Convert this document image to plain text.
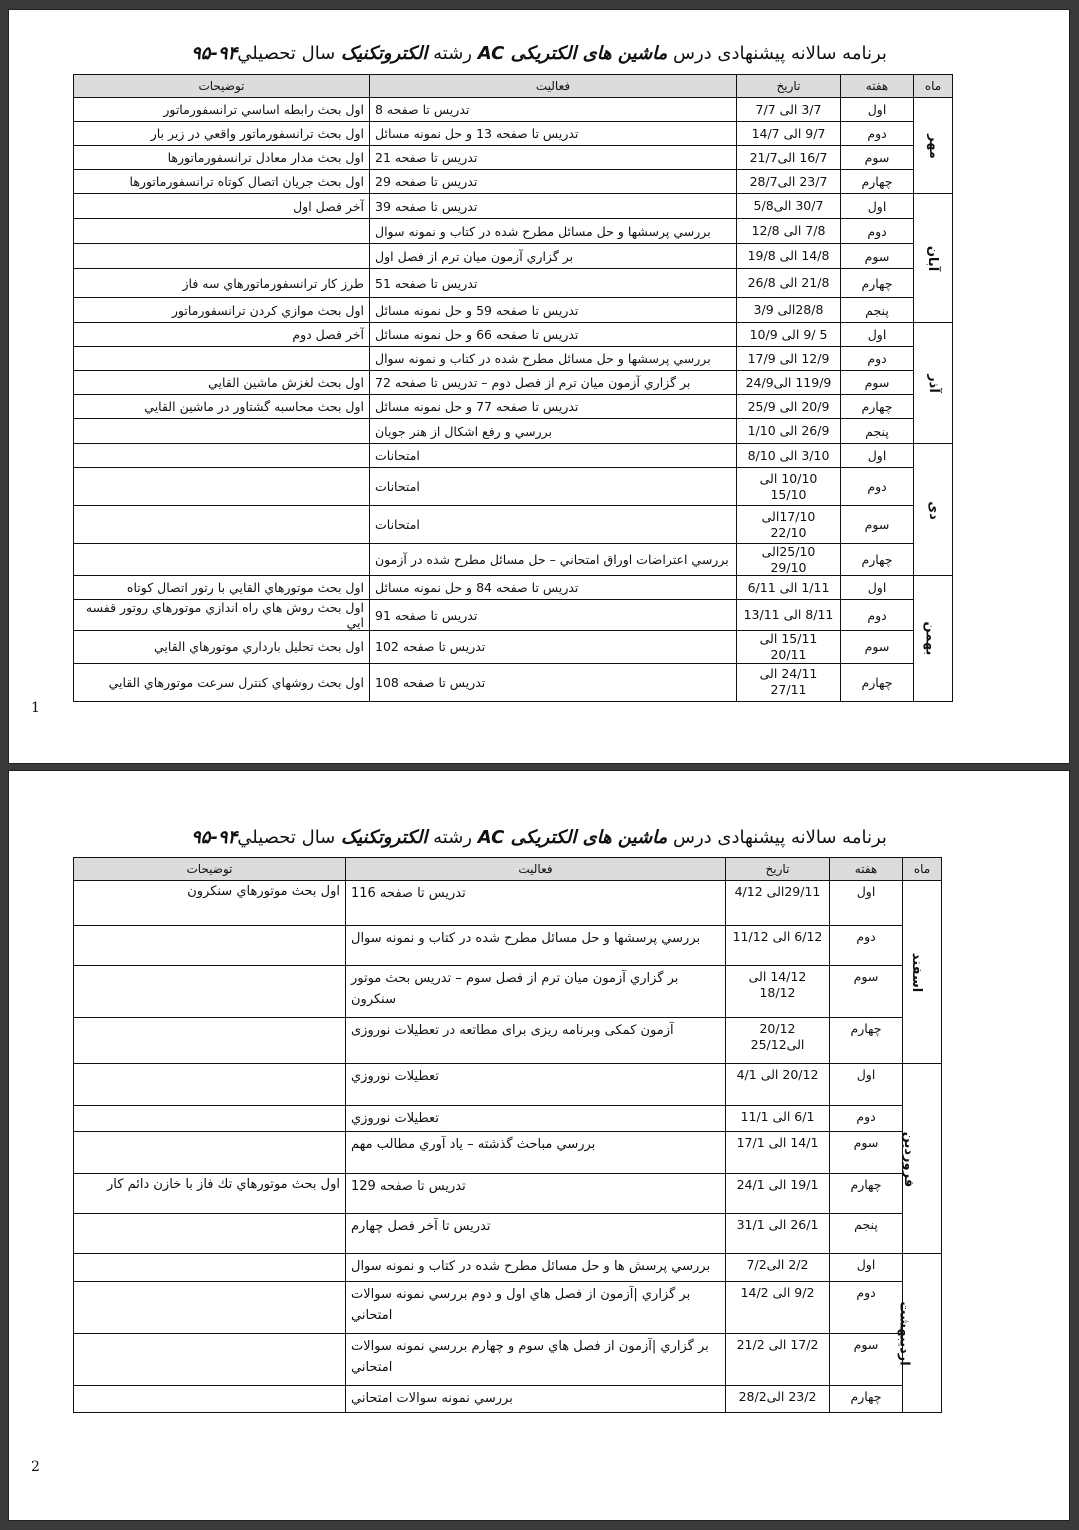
برنامه سالانه پيشنهادی درس ماشين های الکتريکی AC رشته الکتروتکنيک سال تحصيلي۹۴-۹۵
ماه	هفته	تاريخ	فعاليت	توضيحات
مهر	اول	3/7 الی 7/7	تدريس تا صفحه 8	اول بحث رابطه اساسي ترانسفورماتور
	دوم	9/7 الی 14/7	تدريس تا صفحه 13 و حل نمونه مسائل	اول بحث ترانسفورماتور واقعي در زير بار
	سوم	16/7 الی21/7	تدريس تا صفحه 21	اول بحث مدار معادل ترانسفورماتورها
	چهارم	23/7 الی28/7	تدريس تا صفحه 29	اول بحث جريان اتصال كوتاه ترانسفورماتورها
آبان	اول	30/7 الی5/8	تدريس تا صفحه 39	آخر فصل اول
	دوم	7/8 الی 12/8	بررسي پرسشها و حل مسائل مطرح شده در كتاب و نمونه سوال	
	سوم	14/8 الی 19/8	بر گزاري آزمون ميان ترم از فصل اول	
	چهارم	21/8 الی 26/8	تدريس تا صفحه 51	طرز كار ترانسفورماتورهاي سه فاز
	پنجم	28/8الی 3/9	تدريس تا صفحه 59 و حل نمونه مسائل	اول بحث موازي كردن ترانسفورماتور
آذر	اول	5 /9 الی 10/9	تدريس تا صفحه 66 و حل نمونه مسائل	آخر فصل دوم
	دوم	12/9 الی 17/9	بررسي پرسشها و حل مسائل مطرح شده در كتاب و نمونه سوال	
	سوم	119/9 الی24/9	بر گزاري آزمون ميان ترم از فصل دوم – تدريس تا صفحه 72	اول بحث لغزش ماشين القايي
	چهارم	20/9 الی 25/9	تدريس تا صفحه 77 و حل نمونه مسائل	اول بحث محاسبه گشتاور در ماشين القايي
	پنجم	26/9 الی 1/10	بررسي و رفع اشكال از هنر جويان	
دی	اول	3/10 الی 8/10	امتحانات	
	دوم	10/10 الی 15/10	امتحانات	
	سوم	17/10الی 22/10	امتحانات	
	چهارم	25/10الی 29/10	بررسي اعتراضات اوراق امتحاني – حل مسائل مطرح شده در آزمون	
بهمن	اول	1/11 الی 6/11	تدريس تا صفحه 84 و حل نمونه مسائل	اول بحث موتورهاي القايي با رتور اتصال كوتاه
	دوم	8/11 الی 13/11	تدريس تا صفحه 91	اول بحث روش هاي راه اندازي موتورهاي روتور قفسه ايي
	سوم	15/11 الی 20/11	تدريس تا صفحه 102	اول بحث تحليل بارداري موتورهاي القايي
	چهارم	24/11 الی 27/11	تدريس تا صفحه 108	اول بحث روشهاي كنترل سرعت موتورهاي القايي
1
برنامه سالانه پيشنهادی درس ماشين های الکتريکی AC رشته الکتروتکنيک سال تحصيلي۹۴-۹۵
ماه	هفته	تاريخ	فعاليت	توضيحات
اسفند	اول	29/11الی 4/12	تدريس تا صفحه 116	اول بحث موتورهاي سنكرون
	دوم	6/12 الی 11/12	بررسي پرسشها و حل مسائل مطرح شده در كتاب و نمونه سوال	
	سوم	14/12 الی 18/12	بر گزاري آزمون ميان ترم از فصل سوم – تدريس بحث موتور سنكرون	
	چهارم	20/12 الی25/12	آزمون کمکی وبرنامه ریزی برای مطاتعه در تعطیلات نوروزی	
فروردين	اول	20/12 الی 4/1	تعطيلات نوروزي	
	دوم	6/1 الی 11/1	تعطيلات نوروزي	
	سوم	14/1 الی 17/1	بررسي مباحث گذشته – ياد آوري مطالب مهم	
	چهارم	19/1 الی 24/1	تدريس تا صفحه 129	اول بحث موتورهاي تك فاز با خازن دائم كار
	پنجم	26/1 الی 31/1	تدريس تا آخر فصل چهارم	
ارديبهشت	اول	2/2 الی7/2	بررسي پرسش ها و حل مسائل مطرح شده در كتاب و نمونه سوال	
	دوم	9/2 الی 14/2	بر گزاري |آزمون از فصل هاي اول و دوم بررسي نمونه سوالات امتحاني	
	سوم	17/2 الی 21/2	بر گزاري |آزمون از فصل هاي سوم و چهارم بررسي نمونه سوالات امتحاني	
	چهارم	23/2 الی28/2	بررسي نمونه سوالات امتحاني	
2
